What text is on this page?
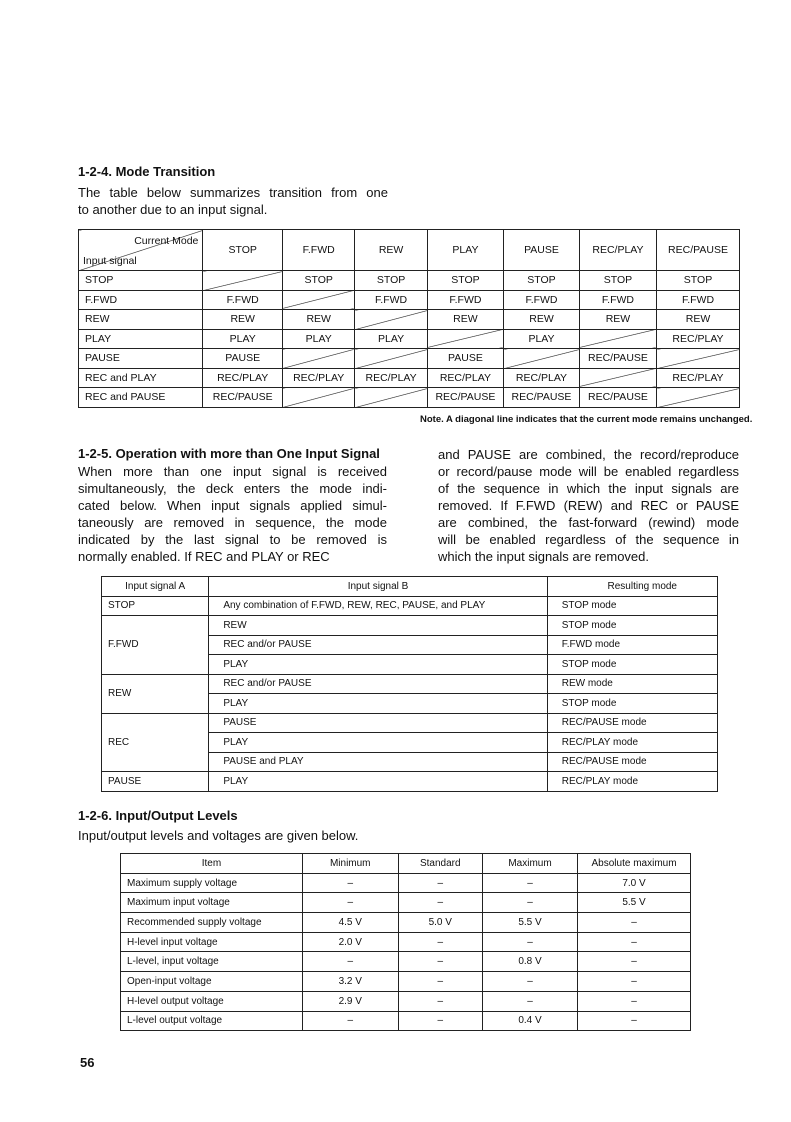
1-2-4. Mode Transition
The table below summarizes transition from one
to another due to an input signal.
Current Mode
Input signal	STOP	F.FWD	REW	PLAY	PAUSE	REC/PLAY	REC/PAUSE
STOP		STOP	STOP	STOP	STOP	STOP	STOP
F.FWD	F.FWD		F.FWD	F.FWD	F.FWD	F.FWD	F.FWD
REW	REW	REW		REW	REW	REW	REW
PLAY	PLAY	PLAY	PLAY		PLAY		REC/PLAY
PAUSE	PAUSE			PAUSE		REC/PAUSE	
REC and PLAY	REC/PLAY	REC/PLAY	REC/PLAY	REC/PLAY	REC/PLAY		REC/PLAY
REC and PAUSE	REC/PAUSE			REC/PAUSE	REC/PAUSE	REC/PAUSE	
Note. A diagonal line indicates that the current mode remains unchanged.
1-2-5. Operation with more than One Input Signal
When more than one input signal is received
simultaneously, the deck enters the mode indi-
cated below. When input signals applied simul-
taneously are removed in sequence, the mode
indicated by the last signal to be removed is
normally enabled. If REC and PLAY or REC
and PAUSE are combined, the record/reproduce
or record/pause mode will be enabled regardless
of the sequence in which the input signals are
removed. If F.FWD (REW) and REC or PAUSE
are combined, the fast-forward (rewind) mode
will be enabled regardless of the sequence in
which the input signals are removed.
Input signal A	Input signal B	Resulting mode
STOP	Any combination of F.FWD, REW, REC, PAUSE, and PLAY	STOP mode
F.FWD	REW	STOP mode
	REC and/or PAUSE	F.FWD mode
	PLAY	STOP mode
REW	REC and/or PAUSE	REW mode
	PLAY	STOP mode
REC	PAUSE	REC/PAUSE mode
	PLAY	REC/PLAY mode
	PAUSE and PLAY	REC/PAUSE mode
PAUSE	PLAY	REC/PLAY mode
1-2-6. Input/Output Levels
Input/output levels and voltages are given below.
Item	Minimum	Standard	Maximum	Absolute maximum
Maximum supply voltage	–	–	–	7.0 V
Maximum input voltage	–	–	–	5.5 V
Recommended supply voltage	4.5 V	5.0 V	5.5 V	–
H-level input voltage	2.0 V	–	–	–
L-level, input voltage	–	–	0.8 V	–
Open-input voltage	3.2 V	–	–	–
H-level output voltage	2.9 V	–	–	–
L-level output voltage	–	–	0.4 V	–
56
